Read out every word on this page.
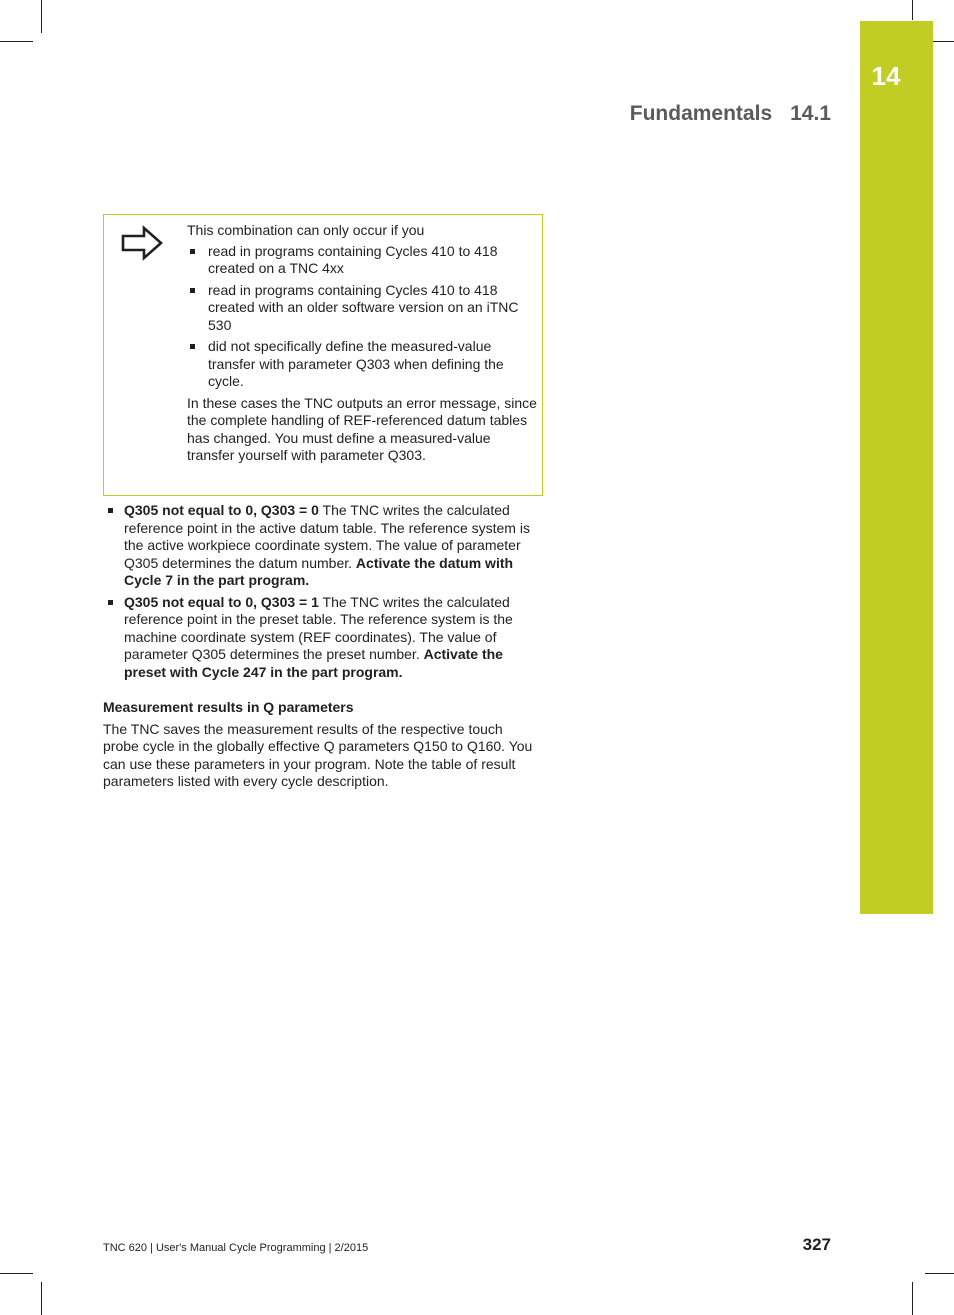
14
Fundamentals 14.1

This combination can only occur if you

read in programs containing Cycles 410 to 418 created on a TNC 4xx
read in programs containing Cycles 410 to 418 created with an older software version on an iTNC 530
did not specifically define the measured-value transfer with parameter Q303 when defining the cycle.

In these cases the TNC outputs an error message, since the complete handling of REF-referenced datum tables has changed. You must define a measured-value transfer yourself with parameter Q303.

Q305 not equal to 0, Q303 = 0 The TNC writes the calculated reference point in the active datum table. The reference system is the active workpiece coordinate system. The value of parameter Q305 determines the datum number. Activate the datum with Cycle 7 in the part program.
Q305 not equal to 0, Q303 = 1 The TNC writes the calculated reference point in the preset table. The reference system is the machine coordinate system (REF coordinates). The value of parameter Q305 determines the preset number. Activate the preset with Cycle 247 in the part program.
Measurement results in Q parameters

The TNC saves the measurement results of the respective touch probe cycle in the globally effective Q parameters Q150 to Q160. You can use these parameters in your program. Note the table of result parameters listed with every cycle description.

TNC 620 | User's Manual Cycle Programming | 2/2015	327
